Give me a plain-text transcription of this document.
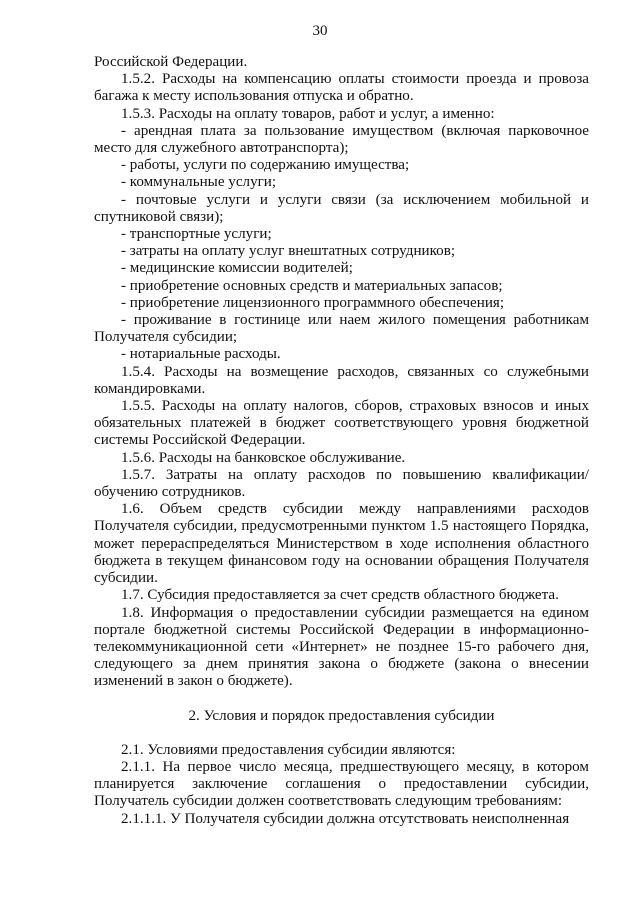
30

Российской Федерации.

1.5.2. Расходы на компенсацию оплаты стоимости проезда и провоза багажа к месту использования отпуска и обратно.

1.5.3. Расходы на оплату товаров, работ и услуг, а именно:

- арендная плата за пользование имуществом (включая парковочное место для служебного автотранспорта);

- работы, услуги по содержанию имущества;

- коммунальные услуги;

- почтовые услуги и услуги связи (за исключением мобильной и спутниковой связи);

- транспортные услуги;

- затраты на оплату услуг внештатных сотрудников;

- медицинские комиссии водителей;

- приобретение основных средств и материальных запасов;

- приобретение лицензионного программного обеспечения;

- проживание в гостинице или наем жилого помещения работникам Получателя субсидии;

- нотариальные расходы.

1.5.4. Расходы на возмещение расходов, связанных со служебными командировками.

1.5.5. Расходы на оплату налогов, сборов, страховых взносов и иных обязательных платежей в бюджет соответствующего уровня бюджетной системы Российской Федерации.

1.5.6. Расходы на банковское обслуживание.

1.5.7. Затраты на оплату расходов по повышению квалификации/обучению сотрудников.

1.6. Объем средств субсидии между направлениями расходов Получателя субсидии, предусмотренными пунктом 1.5 настоящего Порядка, может перераспределяться Министерством в ходе исполнения областного бюджета в текущем финансовом году на основании обращения Получателя субсидии.

1.7. Субсидия предоставляется за счет средств областного бюджета.

1.8. Информация о предоставлении субсидии размещается на едином портале бюджетной системы Российской Федерации в информационно-телекоммуникационной сети «Интернет» не позднее 15-го рабочего дня, следующего за днем принятия закона о бюджете (закона о внесении изменений в закон о бюджете).

2. Условия и порядок предоставления субсидии

2.1. Условиями предоставления субсидии являются:

2.1.1. На первое число месяца, предшествующего месяцу, в котором планируется заключение соглашения о предоставлении субсидии, Получатель субсидии должен соответствовать следующим требованиям:

2.1.1.1. У Получателя субсидии должна отсутствовать неисполненная
